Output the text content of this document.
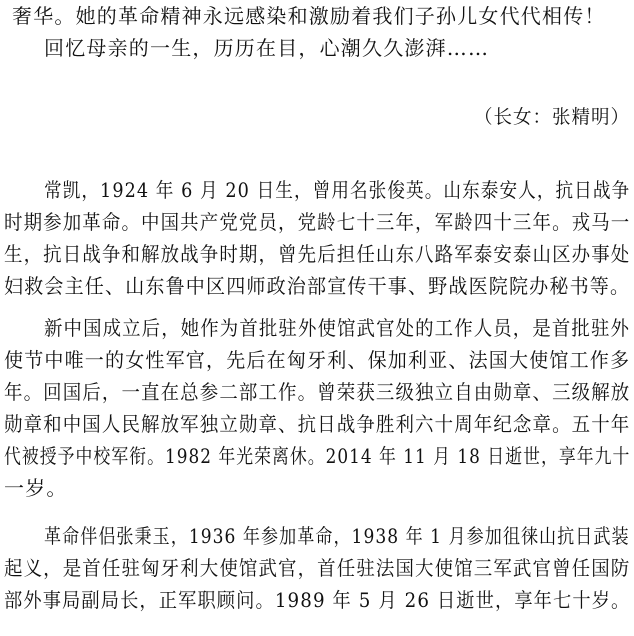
奢华。她的革命精神永远感染和激励着我们子孙儿女代代相传！
回忆母亲的一生，历历在目，心潮久久澎湃……
（长女：张精明）
常凯，1924 年 6 月 20 日生，曾用名张俊英。山东泰安人，抗日战争
时期参加革命。中国共产党党员，党龄七十三年，军龄四十三年。戎马一
生，抗日战争和解放战争时期，曾先后担任山东八路军泰安泰山区办事处
妇救会主任、山东鲁中区四师政治部宣传干事、野战医院院办秘书等。
新中国成立后，她作为首批驻外使馆武官处的工作人员，是首批驻外
使节中唯一的女性军官，先后在匈牙利、保加利亚、法国大使馆工作多
年。回国后，一直在总参二部工作。曾荣获三级独立自由勋章、三级解放
勋章和中国人民解放军独立勋章、抗日战争胜利六十周年纪念章。五十年
代被授予中校军衔。1982 年光荣离休。2014 年 11 月 18 日逝世，享年九十
一岁。
革命伴侣张秉玉，1936 年参加革命，1938 年 1 月参加徂徕山抗日武装
起义，是首任驻匈牙利大使馆武官，首任驻法国大使馆三军武官曾任国防
部外事局副局长，正军职顾问。1989 年 5 月 26 日逝世，享年七十岁。
